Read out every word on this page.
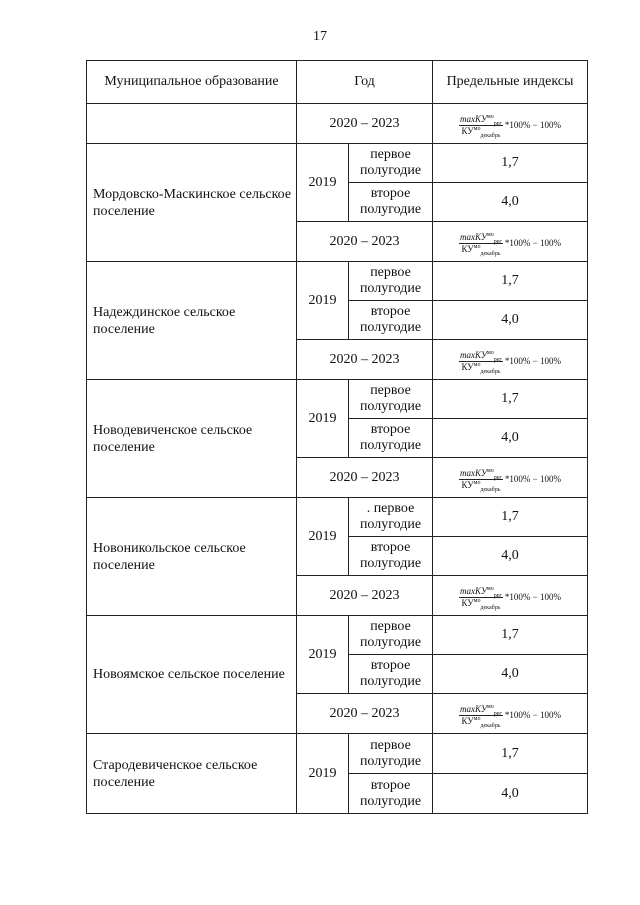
17
Муниципальное образование	Год		Предельные индексы
	2020 – 2023		$\frac{\max КУ^{мо}_{рег}}{КУ^{мо}_{декабрь}} *100\% - 100\%$

Мордовско-Маскинское сельское поселение	2019	первое полугодие	1,7
		второе полугодие	4,0
	2020 – 2023		$\frac{\max КУ^{мо}_{рег}}{КУ^{мо}_{декабрь}} *100\% - 100\%$

Надеждинское сельское поселение	2019	первое полугодие	1,7
		второе полугодие	4,0
	2020 – 2023		$\frac{\max КУ^{мо}_{рег}}{КУ^{мо}_{декабрь}} *100\% - 100\%$

Новодевиченское сельское поселение	2019	первое полугодие	1,7
		второе полугодие	4,0
	2020 – 2023		$\frac{\max КУ^{мо}_{рег}}{КУ^{мо}_{декабрь}} *100\% - 100\%$

Новоникольское сельское поселение	2019	. первое полугодие	1,7
		второе полугодие	4,0
	2020 – 2023		$\frac{\max КУ^{мо}_{рег}}{КУ^{мо}_{декабрь}} *100\% - 100\%$

Новоямское сельское поселение	2019	первое полугодие	1,7
		второе полугодие	4,0
	2020 – 2023		$\frac{\max КУ^{мо}_{рег}}{КУ^{мо}_{декабрь}} *100\% - 100\%$

Стародевиченское сельское поселение	2019	первое полугодие	1,7
		второе полугодие	4,0
